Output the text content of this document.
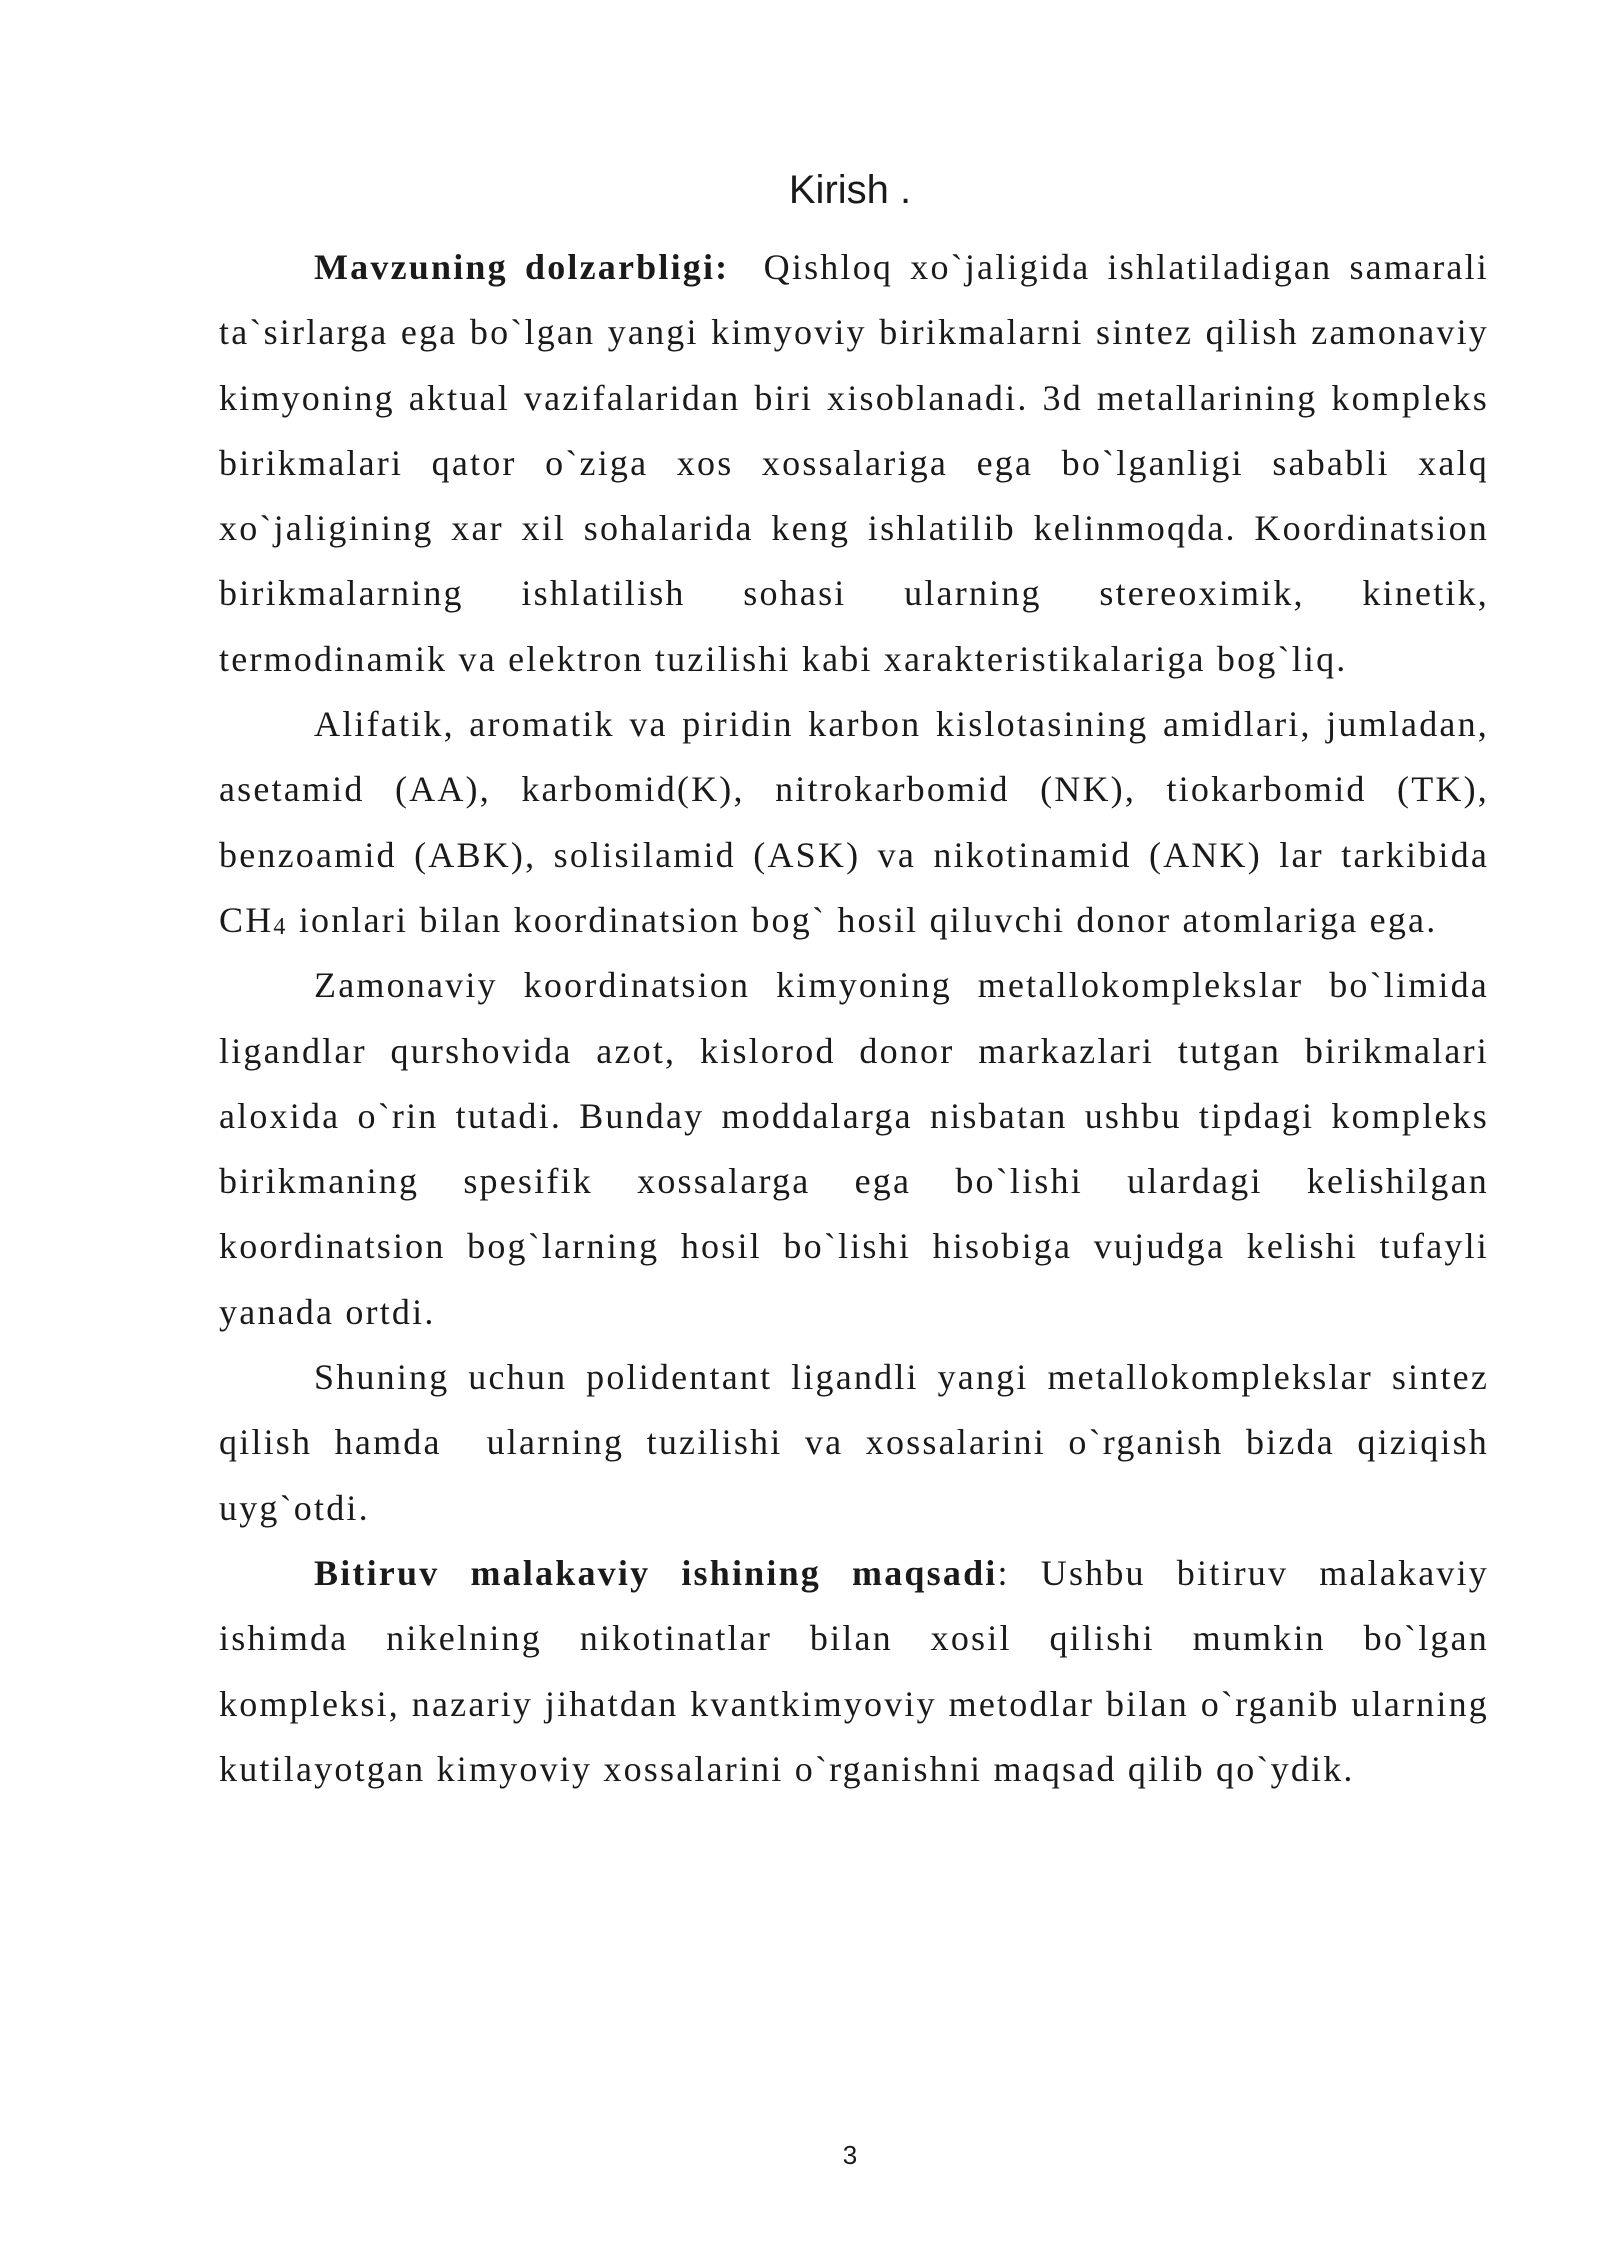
Kirish .

Mavzuning dolzarbligi:  Qishloq xo`jaligida ishlatiladigan samarali ta`sirlarga ega bo`lgan yangi kimyoviy birikmalarni sintez qilish zamonaviy kimyoning aktual vazifalaridan biri xisoblanadi. 3d metallarining kompleks birikmalari qator o`ziga xos xossalariga ega bo`lganligi sababli xalq xo`jaligining xar xil sohalarida keng ishlatilib kelinmoqda. Koordinatsion birikmalarning ishlatilish sohasi ularning stereoximik, kinetik, termodinamik va elektron tuzilishi kabi xarakteristikalariga bog`liq.

Alifatik, aromatik va piridin karbon kislotasining amidlari, jumladan, asetamid (AA), karbomid(K), nitrokarbomid (NK), tiokarbomid (TK), benzoamid (ABK), solisilamid (ASK) va nikotinamid (ANK) lar tarkibida $CH_4$ ionlari bilan koordinatsion bog` hosil qiluvchi donor atomlariga ega.

Zamonaviy koordinatsion kimyoning metallokomplekslar bo`limida ligandlar qurshovida azot, kislorod donor markazlari tutgan birikmalari aloxida o`rin tutadi. Bunday moddalarga nisbatan ushbu tipdagi kompleks birikmaning spesifik xossalarga ega bo`lishi ulardagi kelishilgan koordinatsion bog`larning hosil bo`lishi hisobiga vujudga kelishi tufayli yanada ortdi.

Shuning uchun polidentant ligandli yangi metallokomplekslar sintez qilish hamda  ularning tuzilishi va xossalarini o`rganish bizda qiziqish uyg`otdi.

Bitiruv malakaviy ishining maqsadi: Ushbu bitiruv malakaviy ishimda nikelning nikotinatlar bilan xosil qilishi mumkin bo`lgan kompleksi, nazariy jihatdan kvantkimyoviy metodlar bilan o`rganib ularning kutilayotgan kimyoviy xossalarini o`rganishni maqsad qilib qo`ydik.

3
